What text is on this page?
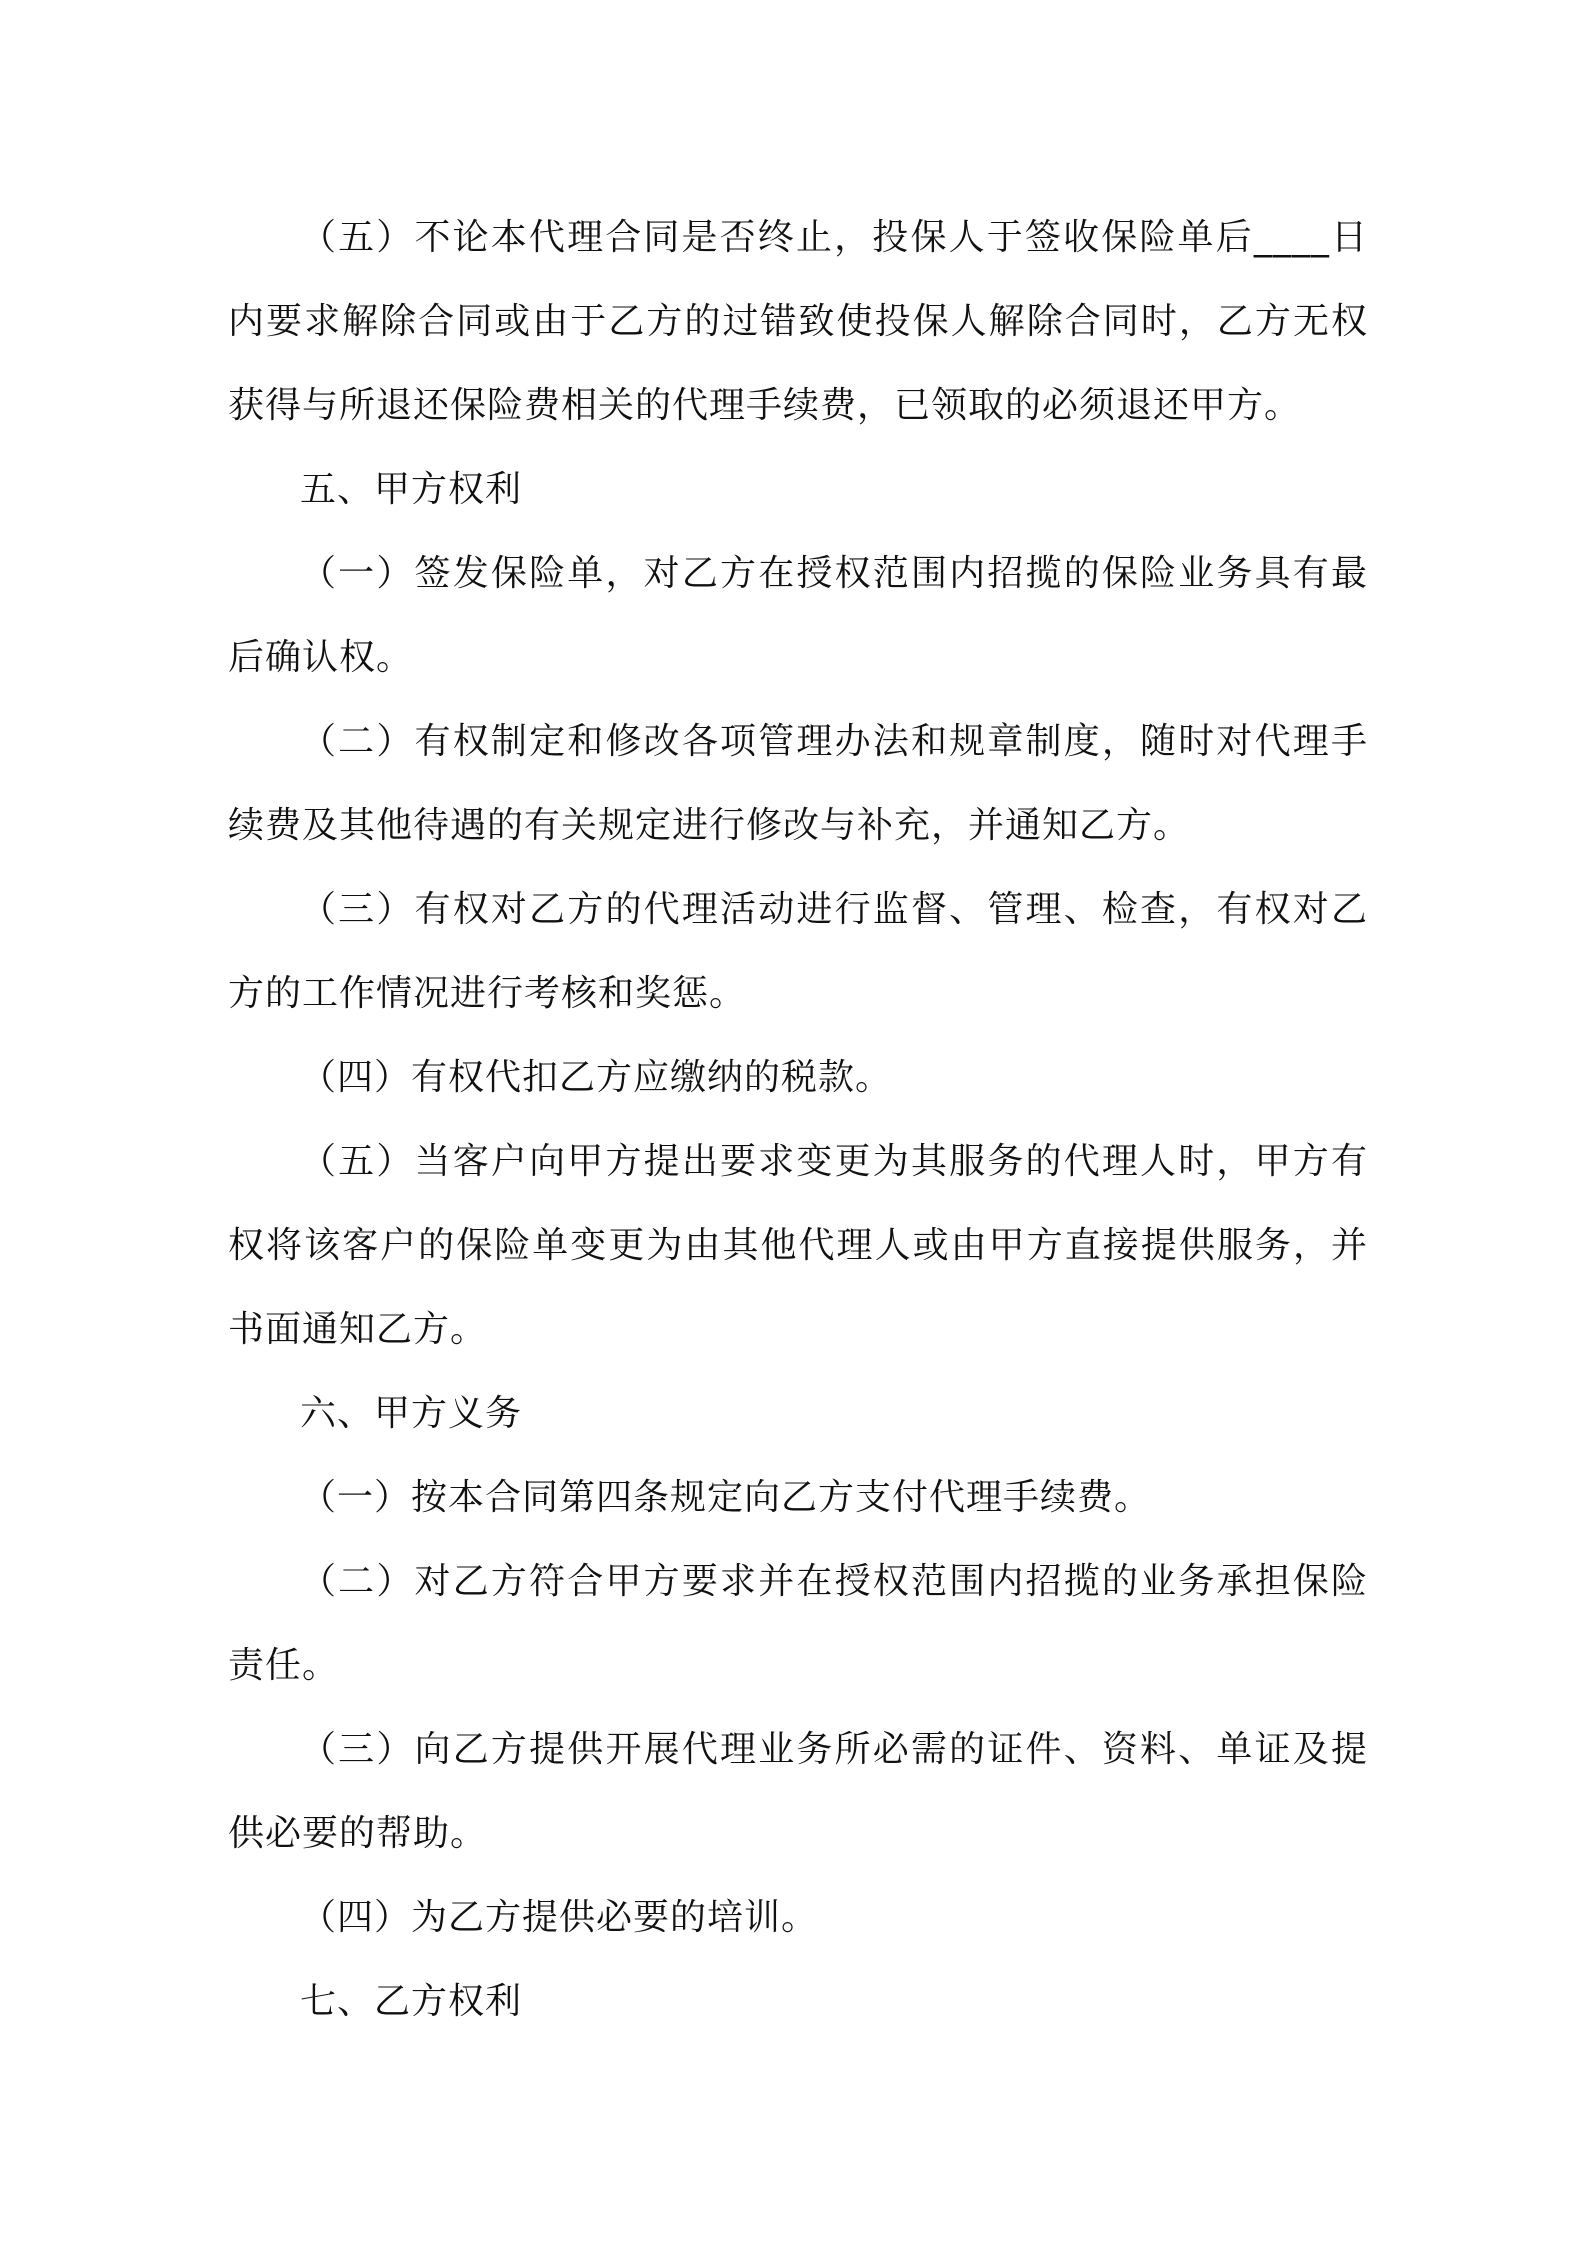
（五）不论本代理合同是否终止，投保人于签收保险单后____日内要求解除合同或由于乙方的过错致使投保人解除合同时，乙方无权获得与所退还保险费相关的代理手续费，已领取的必须退还甲方。

五、甲方权利

（一）签发保险单，对乙方在授权范围内招揽的保险业务具有最后确认权。

（二）有权制定和修改各项管理办法和规章制度，随时对代理手续费及其他待遇的有关规定进行修改与补充，并通知乙方。

（三）有权对乙方的代理活动进行监督、管理、检查，有权对乙方的工作情况进行考核和奖惩。

（四）有权代扣乙方应缴纳的税款。

（五）当客户向甲方提出要求变更为其服务的代理人时，甲方有权将该客户的保险单变更为由其他代理人或由甲方直接提供服务，并书面通知乙方。

六、甲方义务

（一）按本合同第四条规定向乙方支付代理手续费。

（二）对乙方符合甲方要求并在授权范围内招揽的业务承担保险责任。

（三）向乙方提供开展代理业务所必需的证件、资料、单证及提供必要的帮助。

（四）为乙方提供必要的培训。

七、乙方权利
